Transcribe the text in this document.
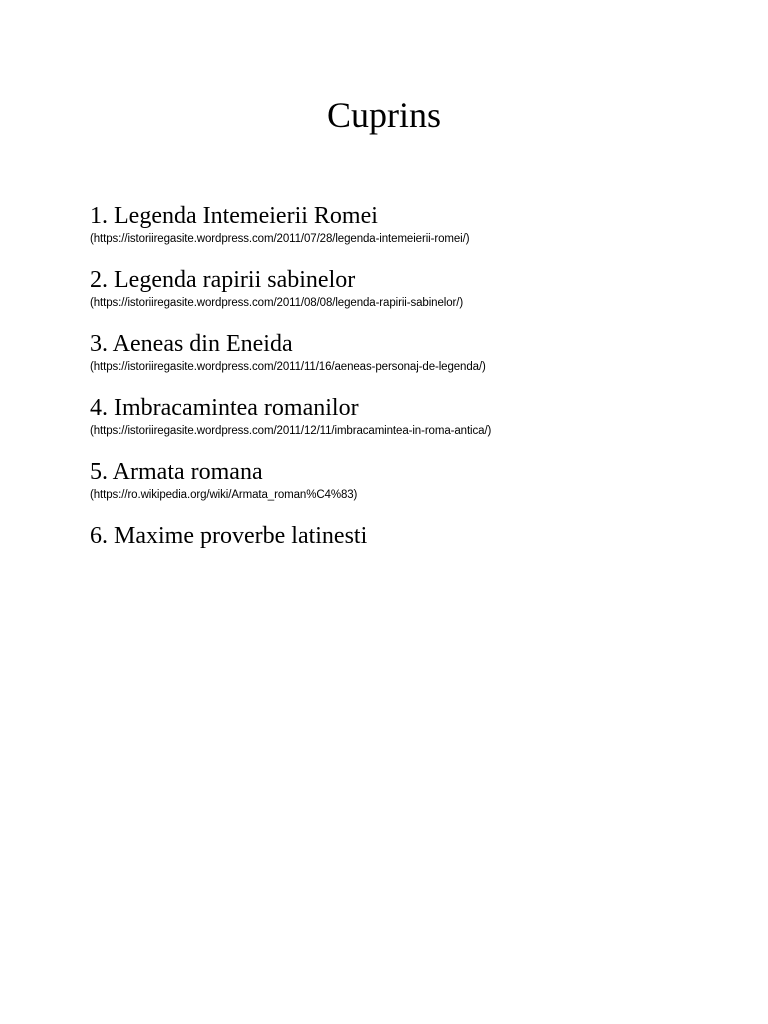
Cuprins
1. Legenda Intemeierii Romei
(https://istoriiregasite.wordpress.com/2011/07/28/legenda-intemeierii-romei/)
2. Legenda rapirii sabinelor
(https://istoriiregasite.wordpress.com/2011/08/08/legenda-rapirii-sabinelor/)
3. Aeneas din Eneida
(https://istoriiregasite.wordpress.com/2011/11/16/aeneas-personaj-de-legenda/)
4. Imbracamintea romanilor
(https://istoriiregasite.wordpress.com/2011/12/11/imbracamintea-in-roma-antica/)
5. Armata romana
(https://ro.wikipedia.org/wiki/Armata_roman%C4%83)
6. Maxime proverbe latinesti
